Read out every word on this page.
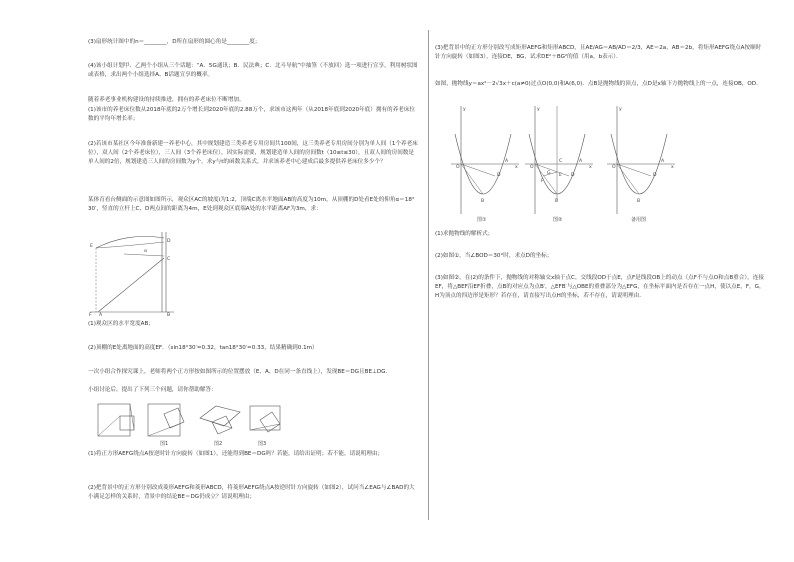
(3)扇形统计图中的n＝________，D所在扇形的圆心角是________度；

(4)该小组计划甲、乙两个小组从三个话题：“A．5G通讯；B．民法典；C．北斗导航”中抽签（不放回）选一项进行宣享，利用树状图或表格，求出两个小组选择A、B话题宣享的概率。

随着养老事业机构建设的持续推进，拥有的养老床位不断增加。

(1)该市的养老床位数从2018年底的2万个增长到2020年底的2.88万个，求该市这两年（从2018年底到2020年底）拥有的养老床位数的平均年增长率；

(2)若该市某社区今年准备新建一养老中心，其中规划建造三类养老专用房间共100间，这三类养老专用房间分别为单人间（1个养老床位），双人间（2个养老床位），三人间（3个养老床位），因实际需要，规划建造单人间的房间数t（10≤t≤30），且双人间的房间数是单人间的2倍，规划建造三人间的房间数为y个，求y与t的函数关系式，并求该养老中心建成后最多提供养老床位多少个？

某体育看台侧面的示意图如图所示，观众区AC的坡度i为1:2，顶端C离水平地面AB的高度为10m，从顶棚的D处看E处的仰角α＝18°30′，竖直的立杆上C、D两点间的距离为4m，E处到观众区底端A处的水平距离AF为3m，求：

F A	B
C
D
E
α

(1)观众区的水平宽度AB；

(2)顶棚的E处离地面的高度EF．（sin18°30′≈0.32，tan18°30′≈0.33，结果精确到0.1m）

一次小组合作探究课上，老师将两个正方形按如图所示的位置摆放（E、A、D在同一条直线上），发现BE＝DG且BE⊥DG．

小组讨论后，提出了下列三个问题，请你帮助解答：

图1	图2	图3

(1)将正方形AEFG绕点A按逆时针方向旋转（如图1），还能得到BE＝DG吗？若能，请给出证明；若不能，请说明理由；

(2)把背景中的正方形分别改成菱形AEFG和菱形ABCD，将菱形AEFG绕点A按逆时针方向旋转（如图2），试问当∠EAG与∠BAD的大小满足怎样的关系时，背景中的结论BE＝DG仍成立？请说明理由；

(3)把背景中的正方形分别改写成矩形AEFG和矩形ABCD，且AE/AG＝AB/AD＝2/3，AE＝2a，AB＝2b，将矩形AEFG绕点A按顺时针方向旋转（如图3），连接DE，BG，试求DE²＋BG²的值（用a，b表示）．

如图，抛物线y＝ax²－2√3x＋c(a≠0)过点O(0,0)和A(6,0)．点B是抛物线的顶点，点D是x轴下方抛物线上的一点，连接OB，OD．

O
A
B
D
x
y
O
A
B
C
E
F
G	D
x
y
O
A
B
D
x
y
图①	图②	备用图

(1)求抛物线的解析式；

(2)如图①，当∠BOD＝30°时，求点D的坐标；

(3)如图②，在(2)的条件下，抛物线的对称轴交x轴于点C，交线段OD于点E，点F是线段OB上的动点（点F不与点O和点B重合），连接EF，将△BEF沿EF折叠，点B的对应点为点B′，△EFB′与△OBE的重叠部分为△EFG，在坐标平面内是否存在一点H，使以点E，F，G，H为顶点的四边形是矩形？若存在，请直接写出点H的坐标，若不存在，请说明理由．
